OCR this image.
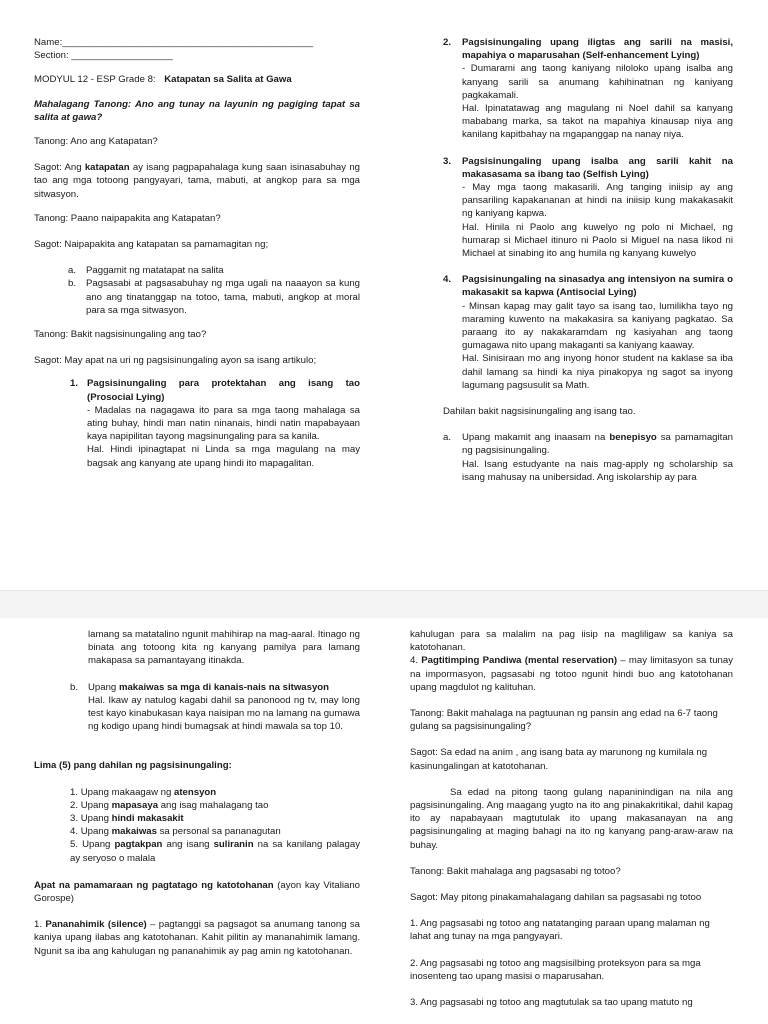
Name:_______________________________________________

Section: ___________________

MODYUL 12 - ESP Grade 8: Katapatan sa Salita at Gawa

Mahalagang Tanong: Ano ang tunay na layunin ng pagiging tapat sa salita at gawa?

Tanong: Ano ang Katapatan?

Sagot: Ang katapatan ay isang pagpapahalaga kung saan isinasabuhay ng tao ang mga totoong pangyayari, tama, mabuti, at angkop para sa mga sitwasyon.

Tanong: Paano naipapakita ang Katapatan?

Sagot: Naipapakita ang katapatan sa pamamagitan ng;

a.	Paggamit ng matatapat na salita
b.	Pagsasabi at pagsasabuhay ng mga ugali na naaayon sa kung ano ang tinatanggap na totoo, tama, mabuti, angkop at moral para sa mga sitwasyon.

Tanong: Bakit nagsisinungaling ang tao?

Sagot: May apat na uri ng pagsisinungaling ayon sa isang artikulo;

1. Pagsisinungaling para protektahan ang isang tao (Prosocial Lying)

- Madalas na nagagawa ito para sa mga taong mahalaga sa ating buhay, hindi man natin ninanais, hindi natin mapabayaan kaya napipilitan tayong magsinungaling para sa kanila.

Hal. Hindi ipinagtapat ni Linda sa mga magulang na may bagsak ang kanyang ate upang hindi ito mapagalitan.

2.	Pagsisinungaling upang iligtas ang sarili na masisi, mapahiya o maparusahan (Self-enhancement Lying)

- Dumarami ang taong kaniyang niloloko upang isalba ang kanyang sarili sa anumang kahihinatnan ng kaniyang pagkakamali.

Hal. Ipinatatawag ang magulang ni Noel dahil sa kanyang mababang marka, sa takot na mapahiya kinausap niya ang kanilang kapitbahay na mgapanggap na nanay niya.

3.	Pagsisinungaling upang isalba ang sarili kahit na makasasama sa ibang tao (Selfish Lying)

- May mga taong makasarili. Ang tanging iniisip ay ang pansariling kapakananan at hindi na iniisip kung makakasakit ng kaniyang kapwa.

Hal. Hinila ni Paolo ang kuwelyo ng polo ni Michael, ng humarap si Michael itinuro ni Paolo si Miguel na nasa likod ni Michael at sinabing ito ang humila ng kanyang kuwelyo

4.	Pagsisinungaling na sinasadya ang intensiyon na sumira o makasakit sa kapwa (Antisocial Lying)

- Minsan kapag may galit tayo sa isang tao, lumilikha tayo ng maraming kuwento na makakasira sa kaniyang pagkatao. Sa paraang ito ay nakakaramdam ng kasiyahan ang taong gumagawa nito upang makaganti sa kaniyang kaaway.

Hal. Sinisiraan mo ang inyong honor student na kaklase sa iba dahil lamang sa hindi ka niya pinakopya ng sagot sa inyong lagumang pagsusulit sa Math.

Dahilan bakit nagsisinungaling ang isang tao.

a.	Upang makamit ang inaasam na benepisyo sa pamamagitan ng pagsisinungaling.

Hal. Isang estudyante na nais mag-apply ng scholarship sa isang mahusay na unibersidad. Ang iskolarship ay para

lamang sa matatalino ngunit mahihirap na mag-aaral. Itinago ng binata ang totoong kita ng kanyang pamilya para lamang makapasa sa pamantayang itinakda.

b.	Upang makaiwas sa mga di kanais-nais na sitwasyon

Hal. Ikaw ay natulog kagabi dahil sa panonood ng tv, may long test kayo kinabukasan kaya naisipan mo na lamang na gumawa ng kodigo upang hindi bumagsak at hindi mawala sa top 10.

Lima (5) pang dahilan ng pagsisinungaling:

1. Upang makaagaw ng atensyon

2. Upang mapasaya ang isag mahalagang tao

3. Upang hindi makasakit

4. Upang makaiwas sa personal sa pananagutan

5. Upang pagtakpan ang isang suliranin na sa kanilang palagay ay seryoso o malala

Apat na pamamaraan ng pagtatago ng katotohanan (ayon kay Vitaliano Gorospe)

1. Pananahimik (silence) – pagtanggi sa pagsagot sa anumang tanong sa kaniya upang ilabas ang katotohanan. Kahit pilitin ay mananahimik lamang. Ngunit sa iba ang kahulugan ng pananahimik ay pag amin ng katotohanan.

kahulugan para sa malalim na pag iisip na magliligaw sa kaniya sa katotohanan.

4. Pagtitimping Pandiwa (mental reservation) – may limitasyon sa tunay na impormasyon, pagsasabi ng totoo ngunit hindi buo ang katotohanan upang magdulot ng kalituhan.

Tanong: Bakit mahalaga na pagtuunan ng pansin ang edad na 6-7 taong gulang sa pagsisinungaling?

Sagot: Sa edad na anim , ang isang bata ay marunong ng kumilala ng kasinungalingan at katotohanan.

Sa edad na pitong taong gulang napaninindigan na nila ang pagsisinungaling. Ang maagang yugto na ito ang pinakakritikal, dahil kapag ito ay napabayaan magtutulak ito upang makasanayan na ang pagsisinungaling at maging bahagi na ito ng kanyang pang-araw-araw na buhay.

Tanong: Bakit mahalaga ang pagsasabi ng totoo?

Sagot: May pitong pinakamahalagang dahilan sa pagsasabi ng totoo

1. Ang pagsasabi ng totoo ang natatanging paraan upang malaman ng lahat ang tunay na mga pangyayari.

2. Ang pagsasabi ng totoo ang magsisilbing proteksyon para sa mga inosenteng tao upang masisi o maparusahan.

3. Ang pagsasabi ng totoo ang magtutulak sa tao upang matuto ng
